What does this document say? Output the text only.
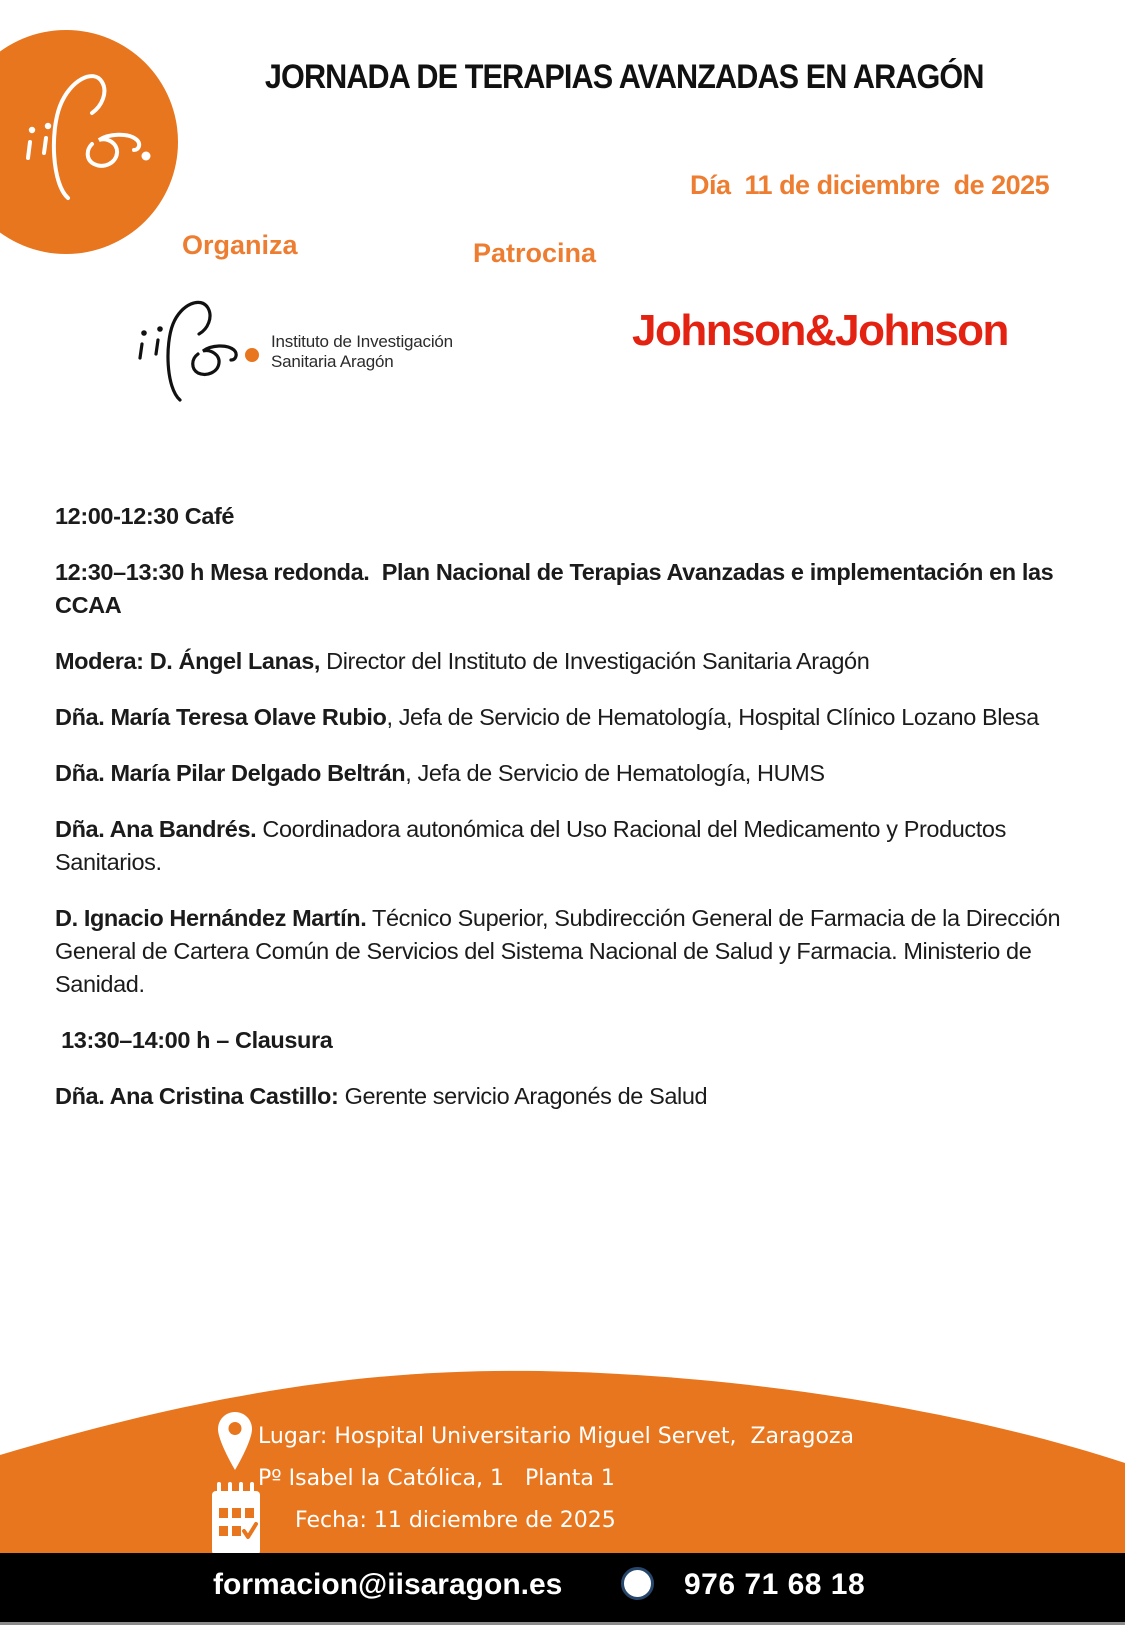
JORNADA DE TERAPIAS AVANZADAS EN ARAGÓN
Día  11 de diciembre  de 2025
Organiza	Patrocina
Instituto de Investigación
Sanitaria Aragón
Johnson&Johnson

12:00-12:30 Café

12:30–13:30 h Mesa redonda.  Plan Nacional de Terapias Avanzadas e implementación en las CCAA

Modera: D. Ángel Lanas, Director del Instituto de Investigación Sanitaria Aragón

Dña. María Teresa Olave Rubio, Jefa de Servicio de Hematología, Hospital Clínico Lozano Blesa

Dña. María Pilar Delgado Beltrán, Jefa de Servicio de Hematología, HUMS

Dña. Ana Bandrés. Coordinadora autonómica del Uso Racional del Medicamento y Productos Sanitarios.

D. Ignacio Hernández Martín. Técnico Superior, Subdirección General de Farmacia de la Dirección General de Cartera Común de Servicios del Sistema Nacional de Salud y Farmacia. Ministerio de Sanidad.

13:30–14:00 h – Clausura

Dña. Ana Cristina Castillo: Gerente servicio Aragonés de Salud

Lugar: Hospital Universitario Miguel Servet,  Zaragoza
Pº Isabel la Católica, 1   Planta 1
Fecha: 11 diciembre de 2025
formacion@iisaragon.es	976 71 68 18
